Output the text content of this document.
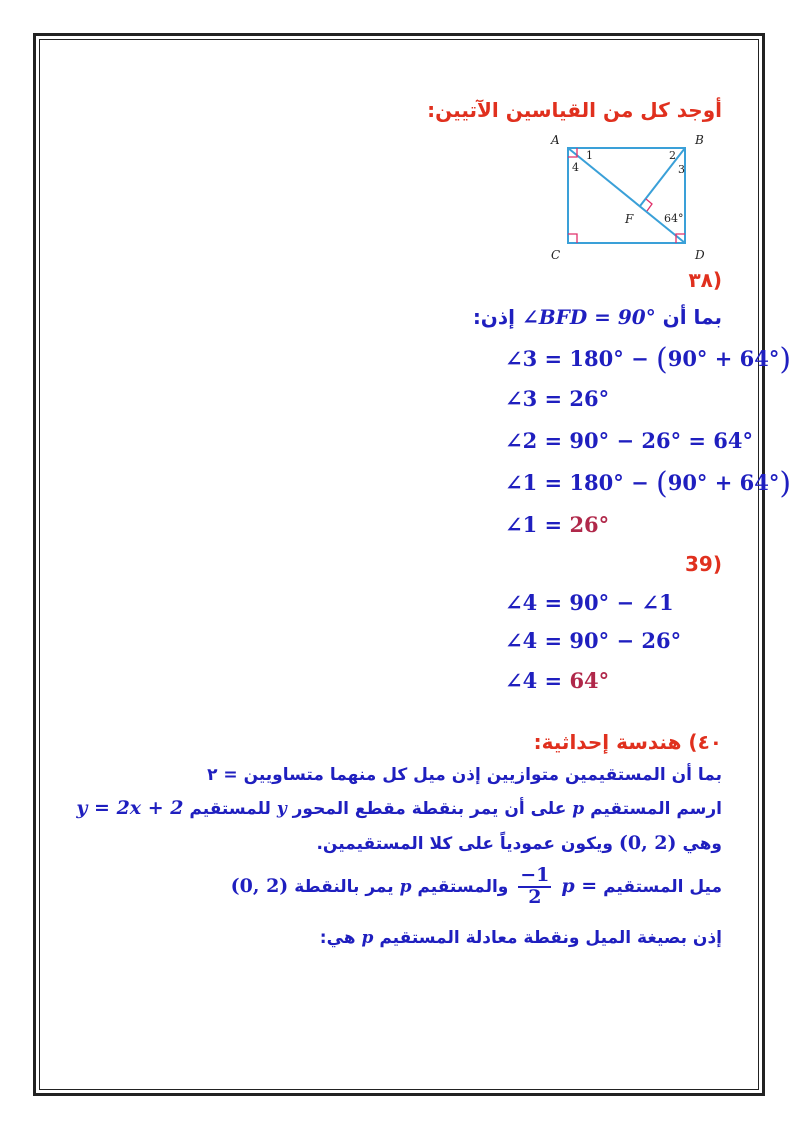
أوجد كل من القياسين الآتيين:
A	B
C	D
F
1	2
3
4
64°
(٣٨
بما أن ∠BFD = 90° إذن:
∠3 = 180° − (90° + 64°)
∠3 = 26°
∠2 = 90° − 26° = 64°
∠1 = 180° − (90° + 64°)
∠1 = 26°
(39
∠4 = 90° − ∠1
∠4 = 90° − 26°
∠4 = 64°
٤٠) هندسة إحداثية:
بما أن المستقيمين متوازيين إذن ميل كل منهما متساويين = ٢
ارسم المستقيم p على أن يمر بنقطة مقطع المحور y للمستقيم y = 2x + 2
وهي (0, 2) ويكون عمودياً على كلا المستقيمين.
ميل المستقيم p =
$\frac{-1}{2}$
والمستقيم p يمر بالنقطة (0, 2)
إذن بصيغة الميل ونقطة معادلة المستقيم p هي:
